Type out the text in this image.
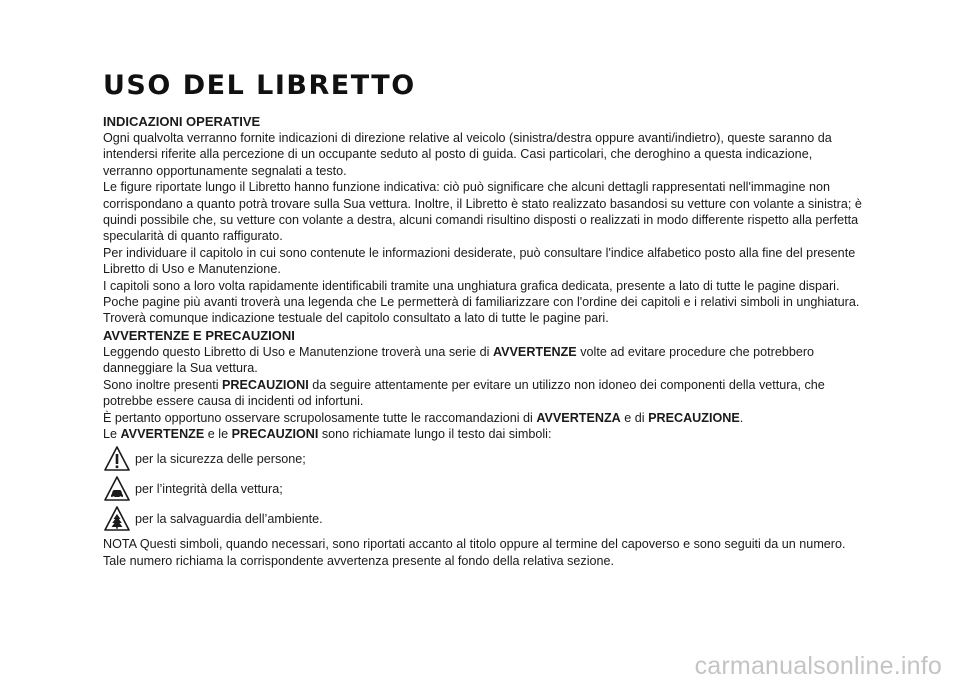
USO DEL LIBRETTO
INDICAZIONI OPERATIVE

Ogni qualvolta verranno fornite indicazioni di direzione relative al veicolo (sinistra/destra oppure avanti/indietro), queste saranno da intendersi riferite alla percezione di un occupante seduto al posto di guida. Casi particolari, che deroghino a questa indicazione, verranno opportunamente segnalati a testo.

Le figure riportate lungo il Libretto hanno funzione indicativa: ciò può significare che alcuni dettagli rappresentati nell'immagine non corrispondano a quanto potrà trovare sulla Sua vettura. Inoltre, il Libretto è stato realizzato basandosi su vetture con volante a sinistra; è quindi possibile che, su vetture con volante a destra, alcuni comandi risultino disposti o realizzati in modo differente rispetto alla perfetta specularità di quanto raffigurato.

Per individuare il capitolo in cui sono contenute le informazioni desiderate, può consultare l'indice alfabetico posto alla fine del presente Libretto di Uso e Manutenzione.

I capitoli sono a loro volta rapidamente identificabili tramite una unghiatura grafica dedicata, presente a lato di tutte le pagine dispari. Poche pagine più avanti troverà una legenda che Le permetterà di familiarizzare con l'ordine dei capitoli e i relativi simboli in unghiatura. Troverà comunque indicazione testuale del capitolo consultato a lato di tutte le pagine pari.

AVVERTENZE E PRECAUZIONI

Leggendo questo Libretto di Uso e Manutenzione troverà una serie di AVVERTENZE volte ad evitare procedure che potrebbero danneggiare la Sua vettura.

Sono inoltre presenti PRECAUZIONI da seguire attentamente per evitare un utilizzo non idoneo dei componenti della vettura, che potrebbe essere causa di incidenti od infortuni.

È pertanto opportuno osservare scrupolosamente tutte le raccomandazioni di AVVERTENZA e di PRECAUZIONE.

Le AVVERTENZE e le PRECAUZIONI sono richiamate lungo il testo dai simboli:

per la sicurezza delle persone;
per l’integrità della vettura;
per la salvaguardia dell’ambiente.

NOTA Questi simboli, quando necessari, sono riportati accanto al titolo oppure al termine del capoverso e sono seguiti da un numero. Tale numero richiama la corrispondente avvertenza presente al fondo della relativa sezione.

carmanualsonline.info
